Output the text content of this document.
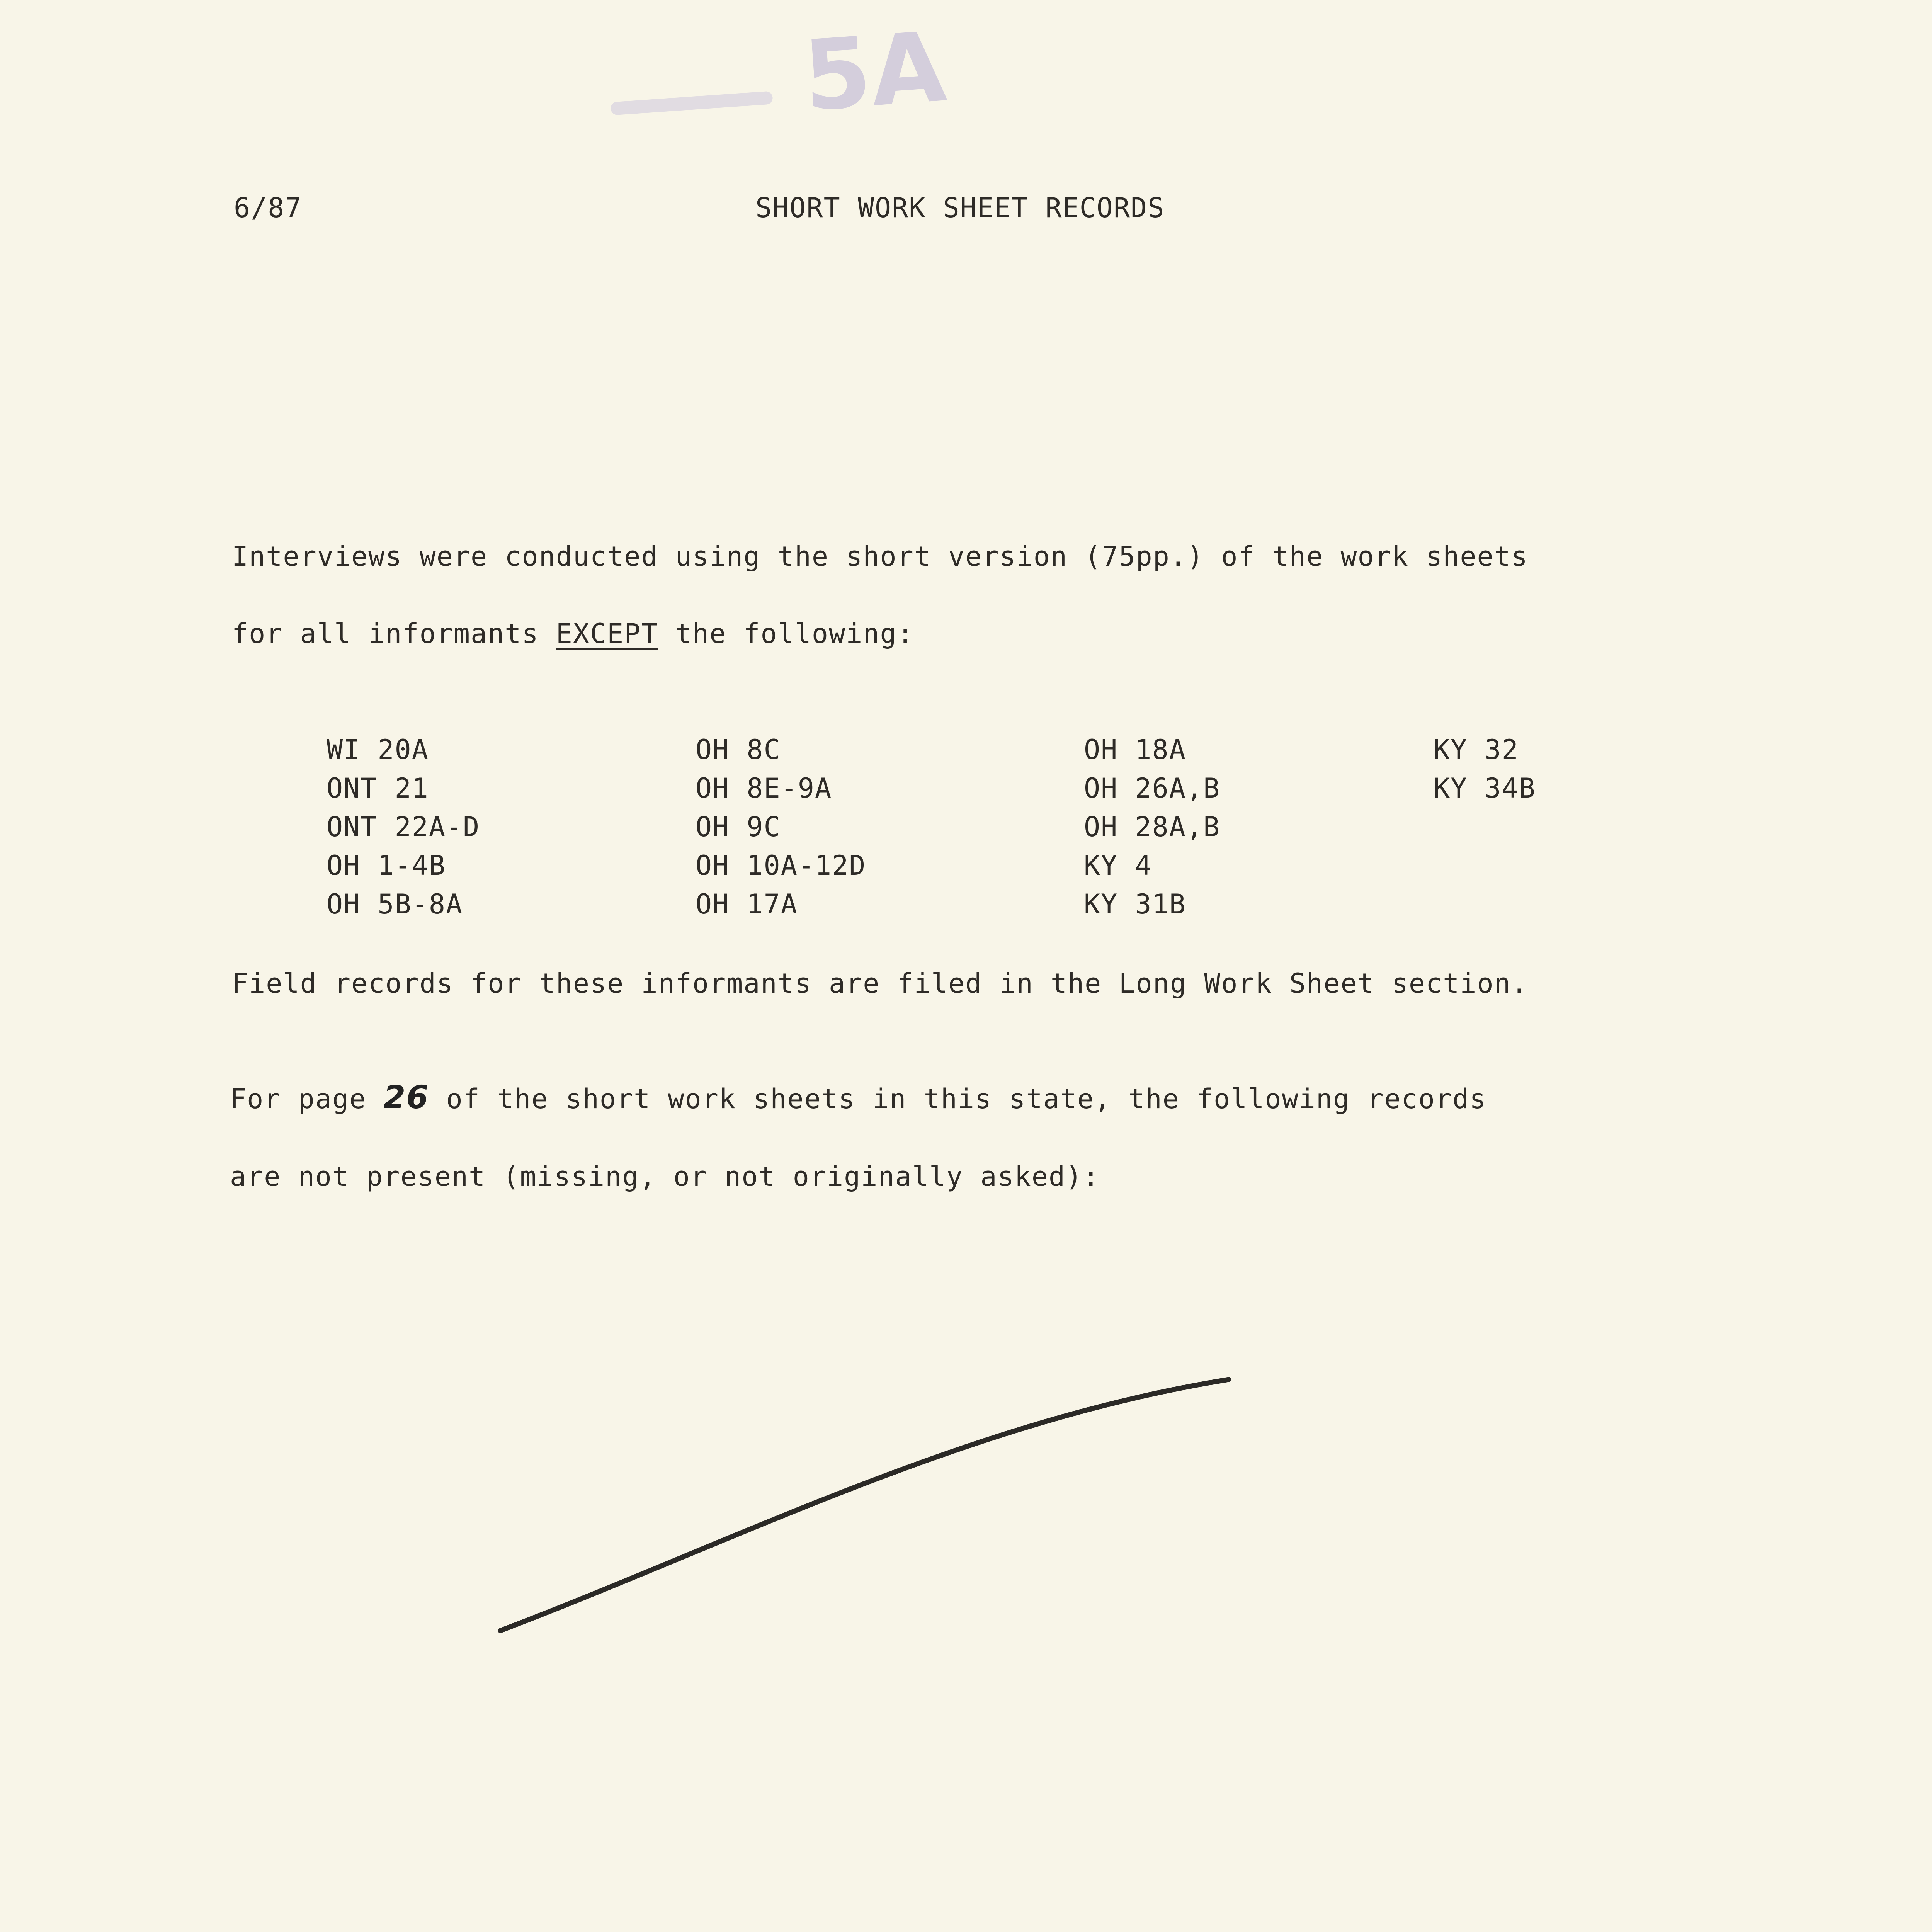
5A
6/87	SHORT WORK SHEET RECORDS
Interviews were conducted using the short version (75pp.) of the work sheets
for all informants EXCEPT the following:
WI 20A
ONT 21
ONT 22A-D
OH 1-4B
OH 5B-8A
OH 8C
OH 8E-9A
OH 9C
OH 10A-12D
OH 17A
OH 18A
OH 26A,B
OH 28A,B
KY 4
KY 31B
KY 32
KY 34B
Field records for these informants are filed in the Long Work Sheet section.
For page 26 of the short work sheets in this state, the following records
are not present (missing, or not originally asked):
